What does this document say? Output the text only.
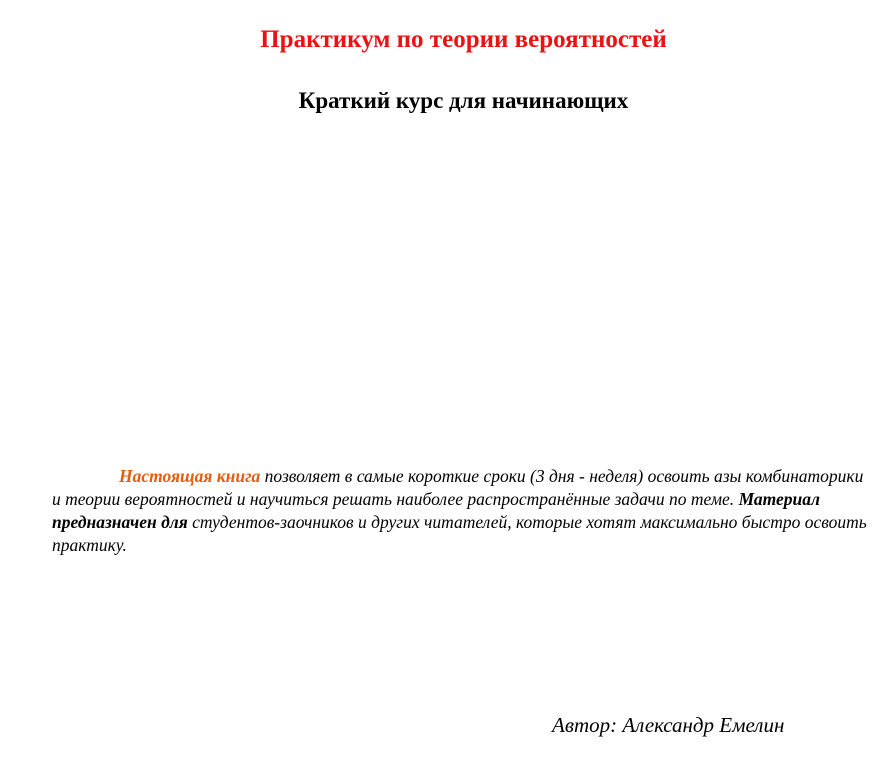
Практикум по теории вероятностей
Краткий курс для начинающих

Настоящая книга позволяет в самые короткие сроки (3 дня - неделя) освоить азы комбинаторики и теории вероятностей и научиться решать наиболее распространённые задачи по теме. Материал предназначен для студентов-заочников и других читателей, которые хотят максимально быстро освоить практику.

Автор: Александр Емелин
